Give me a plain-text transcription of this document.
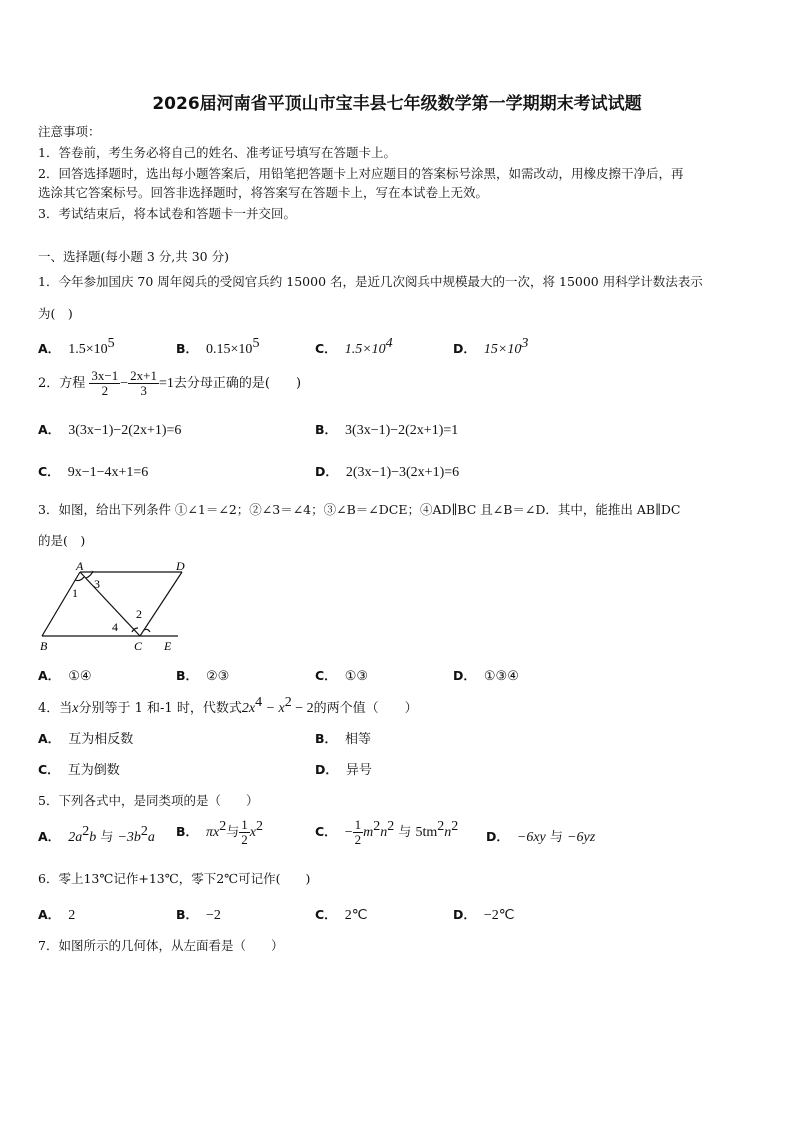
2026届河南省平顶山市宝丰县七年级数学第一学期期末考试试题
注意事项：
1．答卷前，考生务必将自己的姓名、准考证号填写在答题卡上。
2．回答选择题时，选出每小题答案后，用铅笔把答题卡上对应题目的答案标号涂黑，如需改动，用橡皮擦干净后，再
选涂其它答案标号。回答非选择题时，将答案写在答题卡上，写在本试卷上无效。
3．考试结束后，将本试卷和答题卡一并交回。
一、选择题(每小题 3 分,共 30 分)
1．今年参加国庆 70 周年阅兵的受阅官兵约 15000 名，是近几次阅兵中规模最大的一次，将 15000 用科学计数法表示
为(　)
A． $1.5\times 10^5$	B． $0.15\times 10^5$	C． $1.5\times 10^4$	D． $15\times 10^3$
2．方程 $\frac{3x-1}{2} - \frac{2x+1}{3} =1$去分母正确的是(　　)
A． 3(3x−1)−2(2x+1)=6	B． 3(3x−1)−2(2x+1)=1
C． 9x−1−4x+1=6	D． 2(3x−1)−3(2x+1)=6
3．如图，给出下列条件 ①∠1＝∠2；②∠3＝∠4；③∠B＝∠DCE；④AD∥BC 且∠B＝∠D．其中，能推出 AB∥DC
的是(　)
A	D
B	C E
1
2
3
4
A． ①④	B． ②③	C． ①③	D． ①③④
4．当x分别等于 1 和-1 时，代数式$2x^4 - x^2 - 2$的两个值（　　）
A． 互为相反数	B． 相等
C． 互为倒数	D． 异号
5．下列各式中，是同类项的是（　　）
A． $2a^2b$ 与 $-3b^2a$ B． $\pi x^2$与 $\frac{1}{2} x^2$	C． − $\frac{1}{2} m^2n^2$ 与 $5tm^2n^2$
D． −6xy 与 −6yz
6．零上13℃记作+13℃，零下2℃可记作(　　)
A． 2	B． −2	C． 2℃	D． −2℃
7．如图所示的几何体，从左面看是（　　）
